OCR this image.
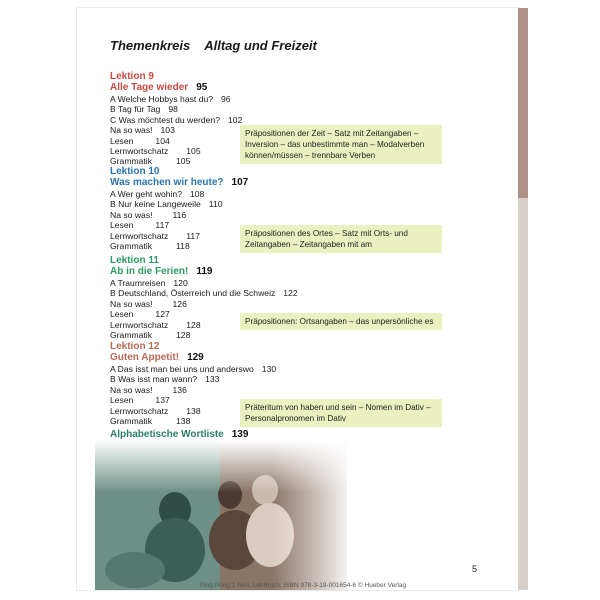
Themenkreis Alltag und Freizeit
Lektion 9
Alle Tage wieder 95
A Welche Hobbys hast du? 96
B Tag für Tag 98
C Was möchtest du werden? 102
Na so was! 103
Lesen	104
Lernwortschatz 105
Grammatik	105
Präpositionen der Zeit – Satz mit Zeitangaben – Inversion – das unbestimmte man – Modalverben können/müssen – trennbare Verben
Lektion 10
Was machen wir heute? 107
A Wer geht wohin? 108
B Nur keine Langeweile 110
Na so was! 116
Lesen	117
Lernwortschatz 117
Grammatik	118
Präpositionen des Ortes – Satz mit Orts- und Zeitangaben – Zeitangaben mit am
Lektion 11
Ab in die Ferien! 119
A Traumreisen 120
B Deutschland, Österreich und die Schweiz 122
Na so was! 126
Lesen	127
Lernwortschatz 128
Grammatik	128
Präpositionen: Ortsangaben – das unpersönliche es
Lektion 12
Guten Appetit! 129
A Das isst man bei uns und anderswo 130
B Was isst man wann? 133
Na so was! 136
Lesen	137
Lernwortschatz 138
Grammatik	138
Präteritum von haben und sein – Nomen im Dativ – Personalpronomen im Dativ
Alphabetische Wortliste 139
5
Ping Pong 1 Neu, Lehrbuch, ISBN 978-3-19-001654-6 © Hueber Verlag
